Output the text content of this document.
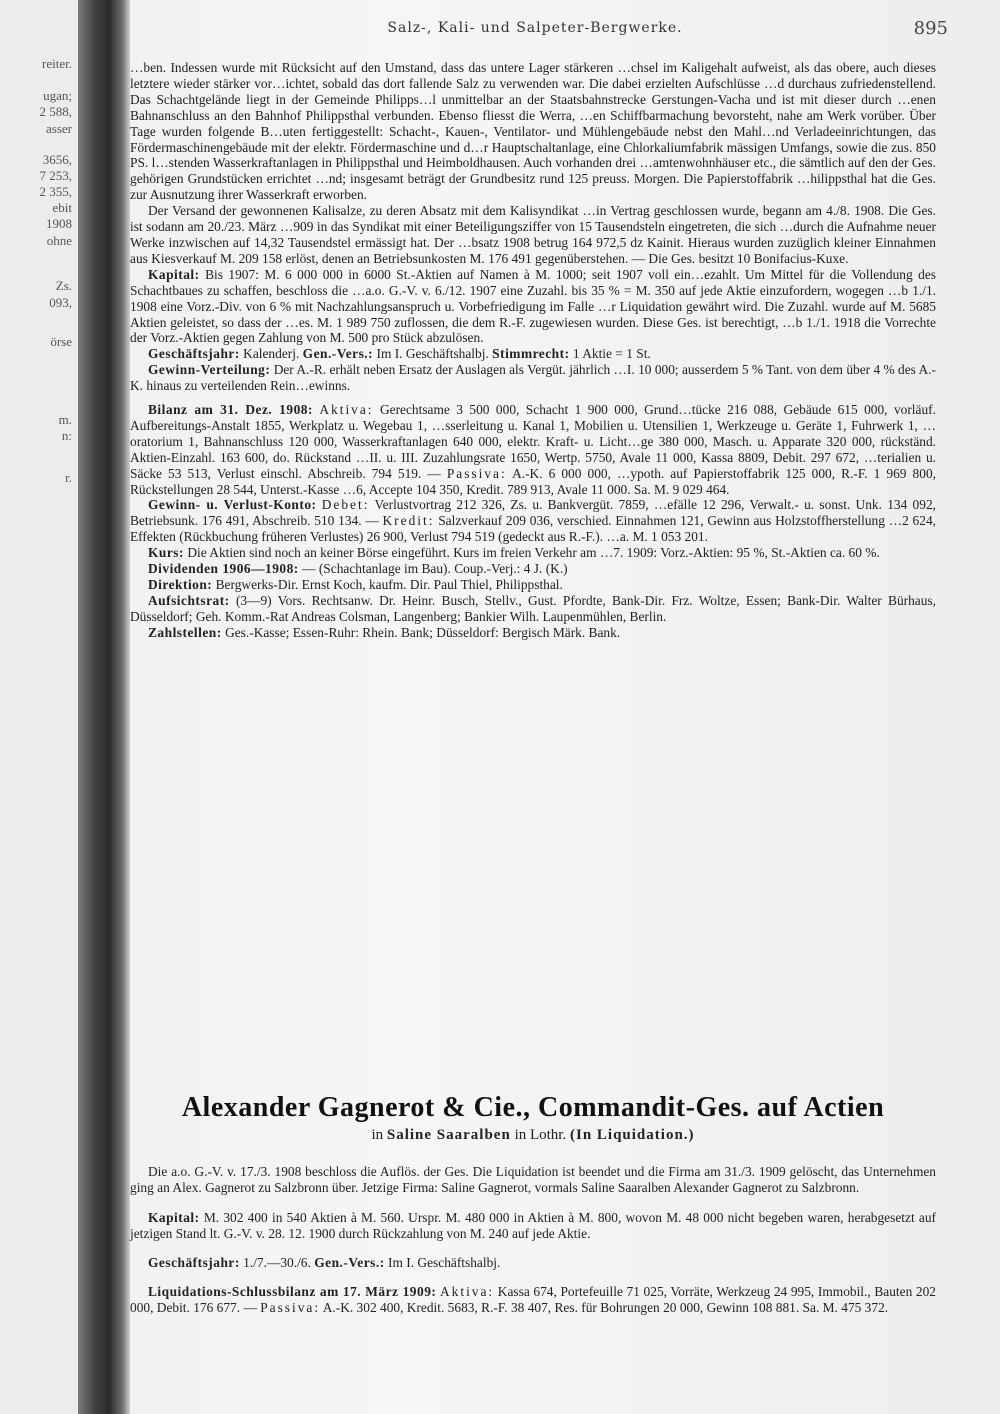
reiter.
ugan;
2 588,
asser
3656,
7 253,
2 355,
ebit
1908
ohne
Zs.
093,
örse
m.
n:
r.
Salz-, Kali- und Salpeter-Bergwerke.	895

…ben. Indessen wurde mit Rücksicht auf den Umstand, dass das untere Lager stärkeren …chsel im Kaligehalt aufweist, als das obere, auch dieses letztere wieder stärker vor…ichtet, sobald das dort fallende Salz zu verwenden war. Die dabei erzielten Aufschlüsse …d durchaus zufriedenstellend. Das Schachtgelände liegt in der Gemeinde Philipps…l unmittelbar an der Staatsbahnstrecke Gerstungen-Vacha und ist mit dieser durch …enen Bahnanschluss an den Bahnhof Philippsthal verbunden. Ebenso fliesst die Werra, …en Schiffbarmachung bevorsteht, nahe am Werk vorüber. Über Tage wurden folgende B…uten fertiggestellt: Schacht-, Kauen-, Ventilator- und Mühlengebäude nebst den Mahl…nd Verladeeinrichtungen, das Fördermaschinengebäude mit der elektr. Fördermaschine und d…r Hauptschaltanlage, eine Chlorkaliumfabrik mässigen Umfangs, sowie die zus. 850 PS. l…stenden Wasserkraftanlagen in Philippsthal und Heimboldhausen. Auch vorhanden drei …amtenwohnhäuser etc., die sämtlich auf den der Ges. gehörigen Grundstücken errichtet …nd; insgesamt beträgt der Grundbesitz rund 125 preuss. Morgen. Die Papierstoffabrik …hilippsthal hat die Ges. zur Ausnutzung ihrer Wasserkraft erworben.

Der Versand der gewonnenen Kalisalze, zu deren Absatz mit dem Kalisyndikat …in Vertrag geschlossen wurde, begann am 4./8. 1908. Die Ges. ist sodann am 20./23. März …909 in das Syndikat mit einer Beteiligungsziffer von 15 Tausendsteln eingetreten, die sich …durch die Aufnahme neuer Werke inzwischen auf 14,32 Tausendstel ermässigt hat. Der …bsatz 1908 betrug 164 972,5 dz Kainit. Hieraus wurden zuzüglich kleiner Einnahmen aus Kiesverkauf M. 209 158 erlöst, denen an Betriebsunkosten M. 176 491 gegenüberstehen. — Die Ges. besitzt 10 Bonifacius-Kuxe.

Kapital: Bis 1907: M. 6 000 000 in 6000 St.-Aktien auf Namen à M. 1000; seit 1907 voll ein…ezahlt. Um Mittel für die Vollendung des Schachtbaues zu schaffen, beschloss die …a.o. G.-V. v. 6./12. 1907 eine Zuzahl. bis 35 % = M. 350 auf jede Aktie einzufordern, wogegen …b 1./1. 1908 eine Vorz.-Div. von 6 % mit Nachzahlungsanspruch u. Vorbefriedigung im Falle …r Liquidation gewährt wird. Die Zuzahl. wurde auf M. 5685 Aktien geleistet, so dass der …es. M. 1 989 750 zuflossen, die dem R.-F. zugewiesen wurden. Diese Ges. ist berechtigt, …b 1./1. 1918 die Vorrechte der Vorz.-Aktien gegen Zahlung von M. 500 pro Stück abzulösen.

Geschäftsjahr: Kalenderj. Gen.-Vers.: Im I. Geschäftshalbj. Stimmrecht: 1 Aktie = 1 St.

Gewinn-Verteilung: Der A.-R. erhält neben Ersatz der Auslagen als Vergüt. jährlich …I. 10 000; ausserdem 5 % Tant. von dem über 4 % des A.-K. hinaus zu verteilenden Rein…ewinns.

Bilanz am 31. Dez. 1908: Aktiva: Gerechtsame 3 500 000, Schacht 1 900 000, Grund…tücke 216 088, Gebäude 615 000, vorläuf. Aufbereitungs-Anstalt 1855, Werkplatz u. Wegebau 1, …sserleitung u. Kanal 1, Mobilien u. Utensilien 1, Werkzeuge u. Geräte 1, Fuhrwerk 1, …oratorium 1, Bahnanschluss 120 000, Wasserkraftanlagen 640 000, elektr. Kraft- u. Licht…ge 380 000, Masch. u. Apparate 320 000, rückständ. Aktien-Einzahl. 163 600, do. Rückstand …II. u. III. Zuzahlungsrate 1650, Wertp. 5750, Avale 11 000, Kassa 8809, Debit. 297 672, …terialien u. Säcke 53 513, Verlust einschl. Abschreib. 794 519. — Passiva: A.-K. 6 000 000, …ypoth. auf Papierstoffabrik 125 000, R.-F. 1 969 800, Rückstellungen 28 544, Unterst.-Kasse …6, Accepte 104 350, Kredit. 789 913, Avale 11 000. Sa. M. 9 029 464.

Gewinn- u. Verlust-Konto: Debet: Verlustvortrag 212 326, Zs. u. Bankvergüt. 7859, …efälle 12 296, Verwalt.- u. sonst. Unk. 134 092, Betriebsunk. 176 491, Abschreib. 510 134. — Kredit: Salzverkauf 209 036, verschied. Einnahmen 121, Gewinn aus Holzstoffherstellung …2 624, Effekten (Rückbuchung früheren Verlustes) 26 900, Verlust 794 519 (gedeckt aus R.-F.). …a. M. 1 053 201.

Kurs: Die Aktien sind noch an keiner Börse eingeführt. Kurs im freien Verkehr am …7. 1909: Vorz.-Aktien: 95 %, St.-Aktien ca. 60 %.

Dividenden 1906—1908: — (Schachtanlage im Bau). Coup.-Verj.: 4 J. (K.)

Direktion: Bergwerks-Dir. Ernst Koch, kaufm. Dir. Paul Thiel, Philippsthal.

Aufsichtsrat: (3—9) Vors. Rechtsanw. Dr. Heinr. Busch, Stellv., Gust. Pfordte, Bank-Dir. Frz. Woltze, Essen; Bank-Dir. Walter Bürhaus, Düsseldorf; Geh. Komm.-Rat Andreas Colsman, Langenberg; Bankier Wilh. Laupenmühlen, Berlin.

Zahlstellen: Ges.-Kasse; Essen-Ruhr: Rhein. Bank; Düsseldorf: Bergisch Märk. Bank.

Alexander Gagnerot & Cie., Commandit-Ges. auf Actien
in Saline Saaralben in Lothr. (In Liquidation.)

Die a.o. G.-V. v. 17./3. 1908 beschloss die Auflös. der Ges. Die Liquidation ist beendet und die Firma am 31./3. 1909 gelöscht, das Unternehmen ging an Alex. Gagnerot zu Salzbronn über. Jetzige Firma: Saline Gagnerot, vormals Saline Saaralben Alexander Gagnerot zu Salzbronn.

Kapital: M. 302 400 in 540 Aktien à M. 560. Urspr. M. 480 000 in Aktien à M. 800, wovon M. 48 000 nicht begeben waren, herabgesetzt auf jetzigen Stand lt. G.-V. v. 28. 12. 1900 durch Rückzahlung von M. 240 auf jede Aktie.

Geschäftsjahr: 1./7.—30./6. Gen.-Vers.: Im I. Geschäftshalbj.

Liquidations-Schlussbilanz am 17. März 1909: Aktiva: Kassa 674, Portefeuille 71 025, Vorräte, Werkzeug 24 995, Immobil., Bauten 202 000, Debit. 176 677. — Passiva: A.-K. 302 400, Kredit. 5683, R.-F. 38 407, Res. für Bohrungen 20 000, Gewinn 108 881. Sa. M. 475 372.
